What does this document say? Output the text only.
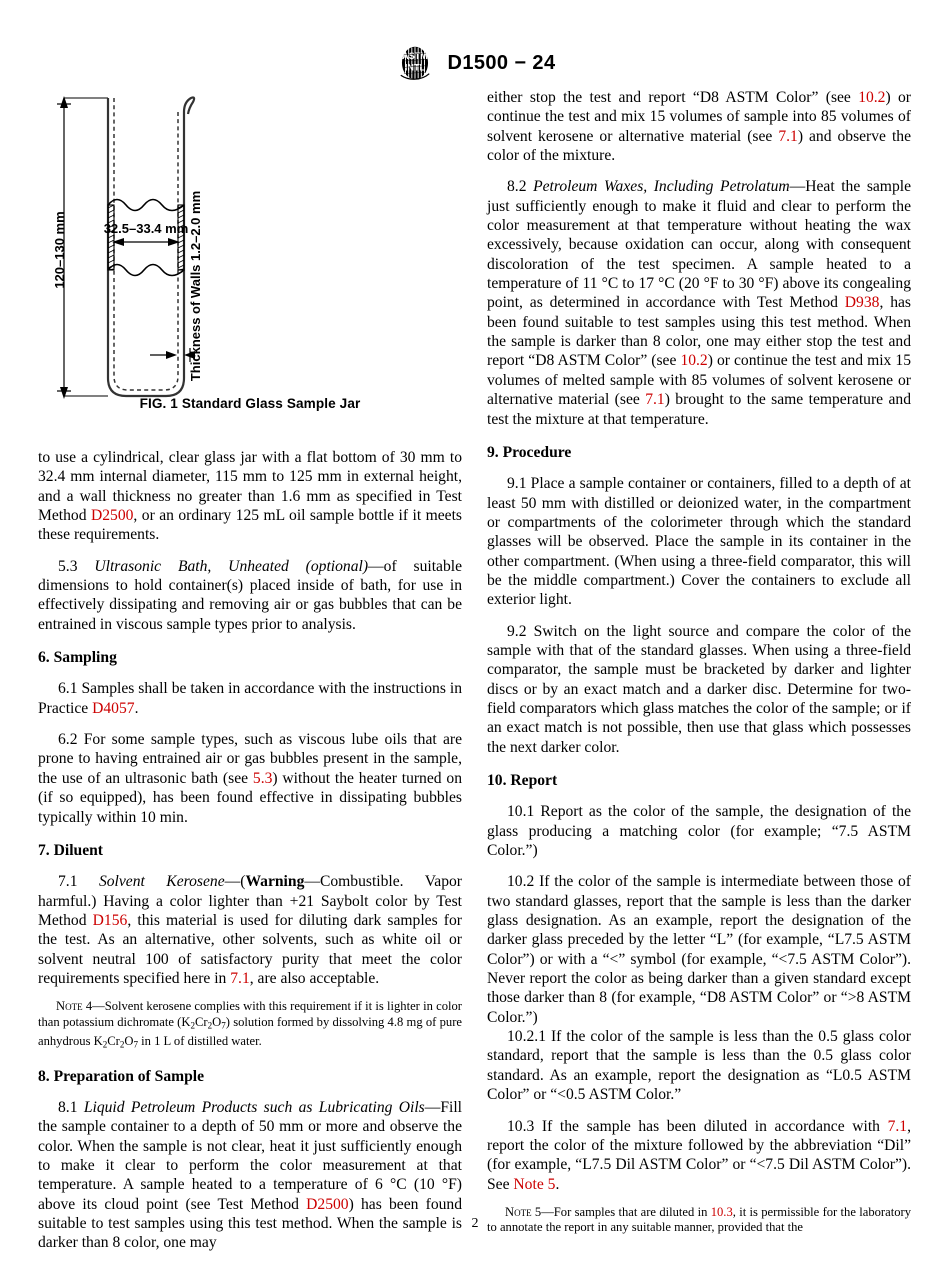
ASTM
INTL D1500 − 24
120–130 mm	32.5–33.4 mm Thickness of Walls 1.2–2.0 mm
FIG. 1 Standard Glass Sample Jar

to use a cylindrical, clear glass jar with a flat bottom of 30 mm to 32.4 mm internal diameter, 115 mm to 125 mm in external height, and a wall thickness no greater than 1.6 mm as specified in Test Method D2500, or an ordinary 125 mL oil sample bottle if it meets these requirements.

5.3 Ultrasonic Bath, Unheated (optional)—of suitable dimensions to hold container(s) placed inside of bath, for use in effectively dissipating and removing air or gas bubbles that can be entrained in viscous sample types prior to analysis.

6. Sampling

6.1 Samples shall be taken in accordance with the instructions in Practice D4057.

6.2 For some sample types, such as viscous lube oils that are prone to having entrained air or gas bubbles present in the sample, the use of an ultrasonic bath (see 5.3) without the heater turned on (if so equipped), has been found effective in dissipating bubbles typically within 10 min.

7. Diluent

7.1 Solvent Kerosene—(Warning—Combustible. Vapor harmful.) Having a color lighter than +21 Saybolt color by Test Method D156, this material is used for diluting dark samples for the test. As an alternative, other solvents, such as white oil or solvent neutral 100 of satisfactory purity that meet the color requirements specified here in 7.1, are also acceptable.

Note 4—Solvent kerosene complies with this requirement if it is lighter in color than potassium dichromate $(K_2Cr_2O_7)$ solution formed by dissolving 4.8 mg of pure anhydrous $K_2Cr_2O_7$ in 1 L of distilled water.

8. Preparation of Sample

8.1 Liquid Petroleum Products such as Lubricating Oils—Fill the sample container to a depth of 50 mm or more and observe the color. When the sample is not clear, heat it just sufficiently enough to make it clear to perform the color measurement at that temperature. A sample heated to a temperature of 6 °C (10 °F) above its cloud point (see Test Method D2500) has been found suitable to test samples using this test method. When the sample is darker than 8 color, one may

either stop the test and report “D8 ASTM Color” (see 10.2) or continue the test and mix 15 volumes of sample into 85 volumes of solvent kerosene or alternative material (see 7.1) and observe the color of the mixture.

8.2 Petroleum Waxes, Including Petrolatum—Heat the sample just sufficiently enough to make it fluid and clear to perform the color measurement at that temperature without heating the wax excessively, because oxidation can occur, along with consequent discoloration of the test specimen. A sample heated to a temperature of 11 °C to 17 °C (20 °F to 30 °F) above its congealing point, as determined in accordance with Test Method D938, has been found suitable to test samples using this test method. When the sample is darker than 8 color, one may either stop the test and report “D8 ASTM Color” (see 10.2) or continue the test and mix 15 volumes of melted sample with 85 volumes of solvent kerosene or alternative material (see 7.1) brought to the same temperature and test the mixture at that temperature.

9. Procedure

9.1 Place a sample container or containers, filled to a depth of at least 50 mm with distilled or deionized water, in the compartment or compartments of the colorimeter through which the standard glasses will be observed. Place the sample in its container in the other compartment. (When using a three-field comparator, this will be the middle compartment.) Cover the containers to exclude all exterior light.

9.2 Switch on the light source and compare the color of the sample with that of the standard glasses. When using a three-field comparator, the sample must be bracketed by darker and lighter discs or by an exact match and a darker disc. Determine for two-field comparators which glass matches the color of the sample; or if an exact match is not possible, then use that glass which possesses the next darker color.

10. Report

10.1 Report as the color of the sample, the designation of the glass producing a matching color (for example; “7.5 ASTM Color.”)

10.2 If the color of the sample is intermediate between those of two standard glasses, report that the sample is less than the darker glass designation. As an example, report the designation of the darker glass preceded by the letter “L” (for example, “L7.5 ASTM Color”) or with a “<” symbol (for example, “<7.5 ASTM Color”). Never report the color as being darker than a given standard except those darker than 8 (for example, “D8 ASTM Color” or “>8 ASTM Color.”)

10.2.1 If the color of the sample is less than the 0.5 glass color standard, report that the sample is less than the 0.5 glass color standard. As an example, report the designation as “L0.5 ASTM Color” or “<0.5 ASTM Color.”

10.3 If the sample has been diluted in accordance with 7.1, report the color of the mixture followed by the abbreviation “Dil” (for example, “L7.5 Dil ASTM Color” or “<7.5 Dil ASTM Color”). See Note 5.

Note 5—For samples that are diluted in 10.3, it is permissible for the laboratory to annotate the report in any suitable manner, provided that the

2
